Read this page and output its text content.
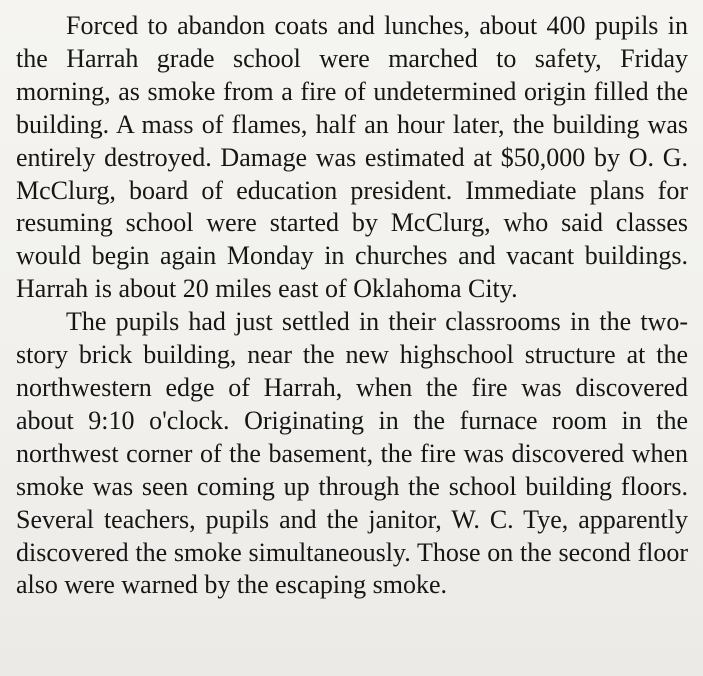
Forced to abandon coats and lunches, about 400 pupils in the Harrah grade school were marched to safety, Friday morning, as smoke from a fire of undetermined origin filled the building. A mass of flames, half an hour later, the building was entirely destroyed. Damage was estimated at $50,000 by O. G. McClurg, board of education president. Immediate plans for resuming school were started by McClurg, who said classes would begin again Monday in churches and vacant buildings. Harrah is about 20 miles east of Oklahoma City.

The pupils had just settled in their classrooms in the two-story brick building, near the new highschool structure at the northwestern edge of Harrah, when the fire was discovered about 9:10 o'clock. Originating in the furnace room in the northwest corner of the basement, the fire was discovered when smoke was seen coming up through the school building floors. Several teachers, pupils and the janitor, W. C. Tye, apparently discovered the smoke simultaneously. Those on the second floor also were warned by the escaping smoke.
